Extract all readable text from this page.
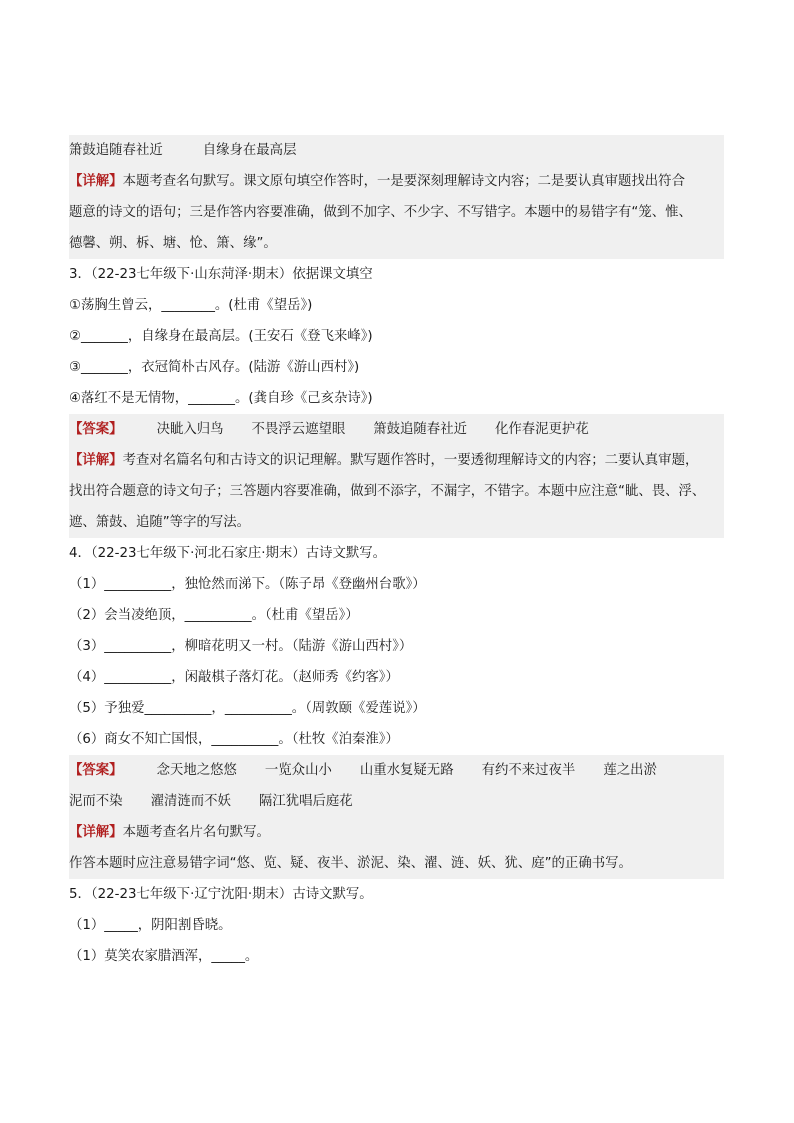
箫鼓追随春社近	自缘身在最高层
【详解】本题考查名句默写。课文原句填空作答时，一是要深刻理解诗文内容；二是要认真审题找出符合
题意的诗文的语句；三是作答内容要准确，做到不加字、不少字、不写错字。本题中的易错字有“笼、惟、
德馨、朔、柝、塘、怆、箫、缘”。
3．（22-23七年级下·山东菏泽·期末）依据课文填空
①荡胸生曾云，________。(杜甫《望岳》)
②_______，自缘身在最高层。(王安石《登飞来峰》)
③_______，衣冠简朴古风存。(陆游《游山西村》)
④落红不是无情物，_______。(龚自珍《己亥杂诗》)
【答案】	决眦入归鸟 不畏浮云遮望眼 箫鼓追随春社近 化作春泥更护花
【详解】考查对名篇名句和古诗文的识记理解。默写题作答时，一要透彻理解诗文的内容；二要认真审题，
找出符合题意的诗文句子；三答题内容要准确，做到不添字，不漏字，不错字。本题中应注意“眦、畏、浮、
遮、箫鼓、追随”等字的写法。
4．（22-23七年级下·河北石家庄·期末）古诗文默写。
（1）__________，独怆然而涕下。（陈子昂《登幽州台歌》）
（2）会当凌绝顶，__________。（杜甫《望岳》）
（3）__________，柳暗花明又一村。（陆游《游山西村》）
（4）__________，闲敲棋子落灯花。（赵师秀《约客》）
（5）予独爱__________，__________。（周敦颐《爱莲说》）
（6）商女不知亡国恨，__________。（杜牧《泊秦淮》）
【答案】	念天地之悠悠 一览众山小 山重水复疑无路 有约不来过夜半 莲之出淤
泥而不染 濯清涟而不妖 隔江犹唱后庭花
【详解】本题考查名片名句默写。
作答本题时应注意易错字词“悠、览、疑、夜半、淤泥、染、濯、涟、妖、犹、庭”的正确书写。
5．（22-23七年级下·辽宁沈阳·期末）古诗文默写。
（1）_____，阴阳割昏晓。
（1）莫笑农家腊酒浑，_____。
